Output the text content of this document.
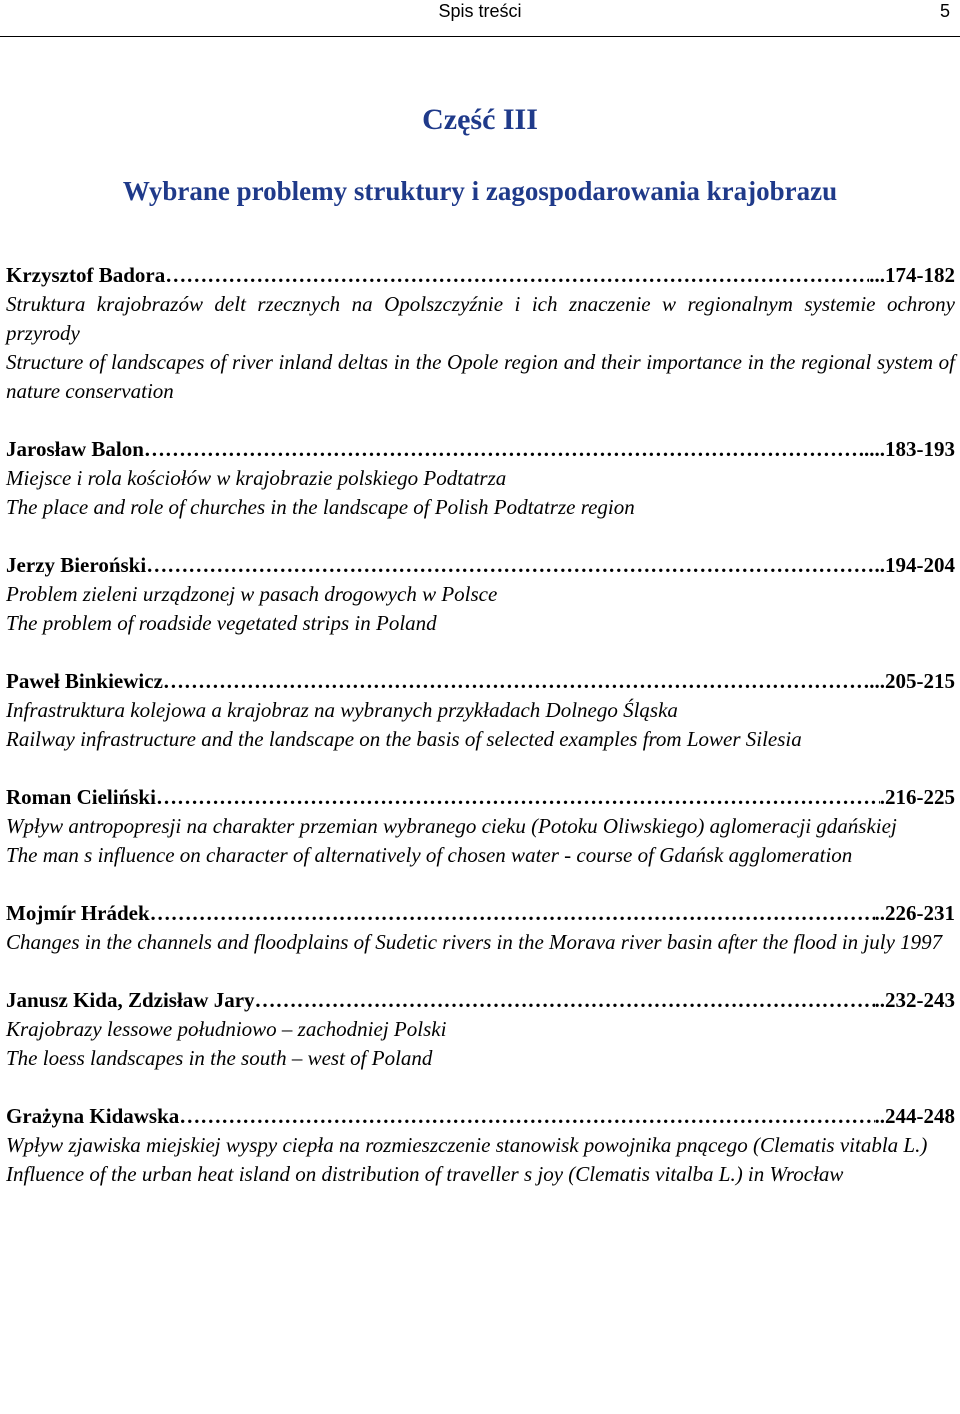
Spis treści	5
Część III
Wybrane problemy struktury i zagospodarowania krajobrazu
Krzysztof Badora ………………………………………………………………………………………………………………………………………………………………	...174-182
Struktura krajobrazów delt rzecznych na Opolszczyźnie i ich znaczenie w regionalnym systemie ochrony przyrody
Structure of landscapes of river inland deltas in the Opole region and their importance in the regional system of nature conservation
Jarosław Balon ………………………………………………………………………………………………………………………………………………………………	.....183-193
Miejsce i rola kościołów w krajobrazie polskiego Podtatrza
The place and role of churches in the landscape of Polish Podtatrze region
Jerzy Bieroński ………………………………………………………………………………………………………………………………………………………………	..194-204
Problem zieleni urządzonej w pasach drogowych w Polsce
The problem of roadside vegetated strips in Poland
Paweł Binkiewicz ………………………………………………………………………………………………………………………………………………………………	...205-215
Infrastruktura kolejowa a krajobraz na wybranych przykładach Dolnego Śląska
Railway infrastructure and the landscape on the basis of selected examples from Lower Silesia
Roman Cieliński ………………………………………………………………………………………………………………………………………………………………	.216-225
Wpływ antropopresji na charakter przemian wybranego cieku (Potoku Oliwskiego) aglomeracji gdańskiej
The man s influence on character of alternatively of chosen water - course of Gdańsk agglomeration
Mojmír Hrádek ………………………………………………………………………………………………………………………………………………………………	..226-231
Changes in the channels and floodplains of Sudetic rivers in the Morava river basin after the flood in july 1997
Janusz Kida, Zdzisław Jary ………………………………………………………………………………………………………………………………………………………………	..232-243
Krajobrazy lessowe południowo – zachodniej Polski
The loess landscapes in the south – west of Poland
Grażyna Kidawska ………………………………………………………………………………………………………………………………………………………………	..244-248
Wpływ zjawiska miejskiej wyspy ciepła na rozmieszczenie stanowisk powojnika pnącego (Clematis vitabla L.)
Influence of the urban heat island on distribution of traveller s joy (Clematis vitalba L.) in Wrocław
